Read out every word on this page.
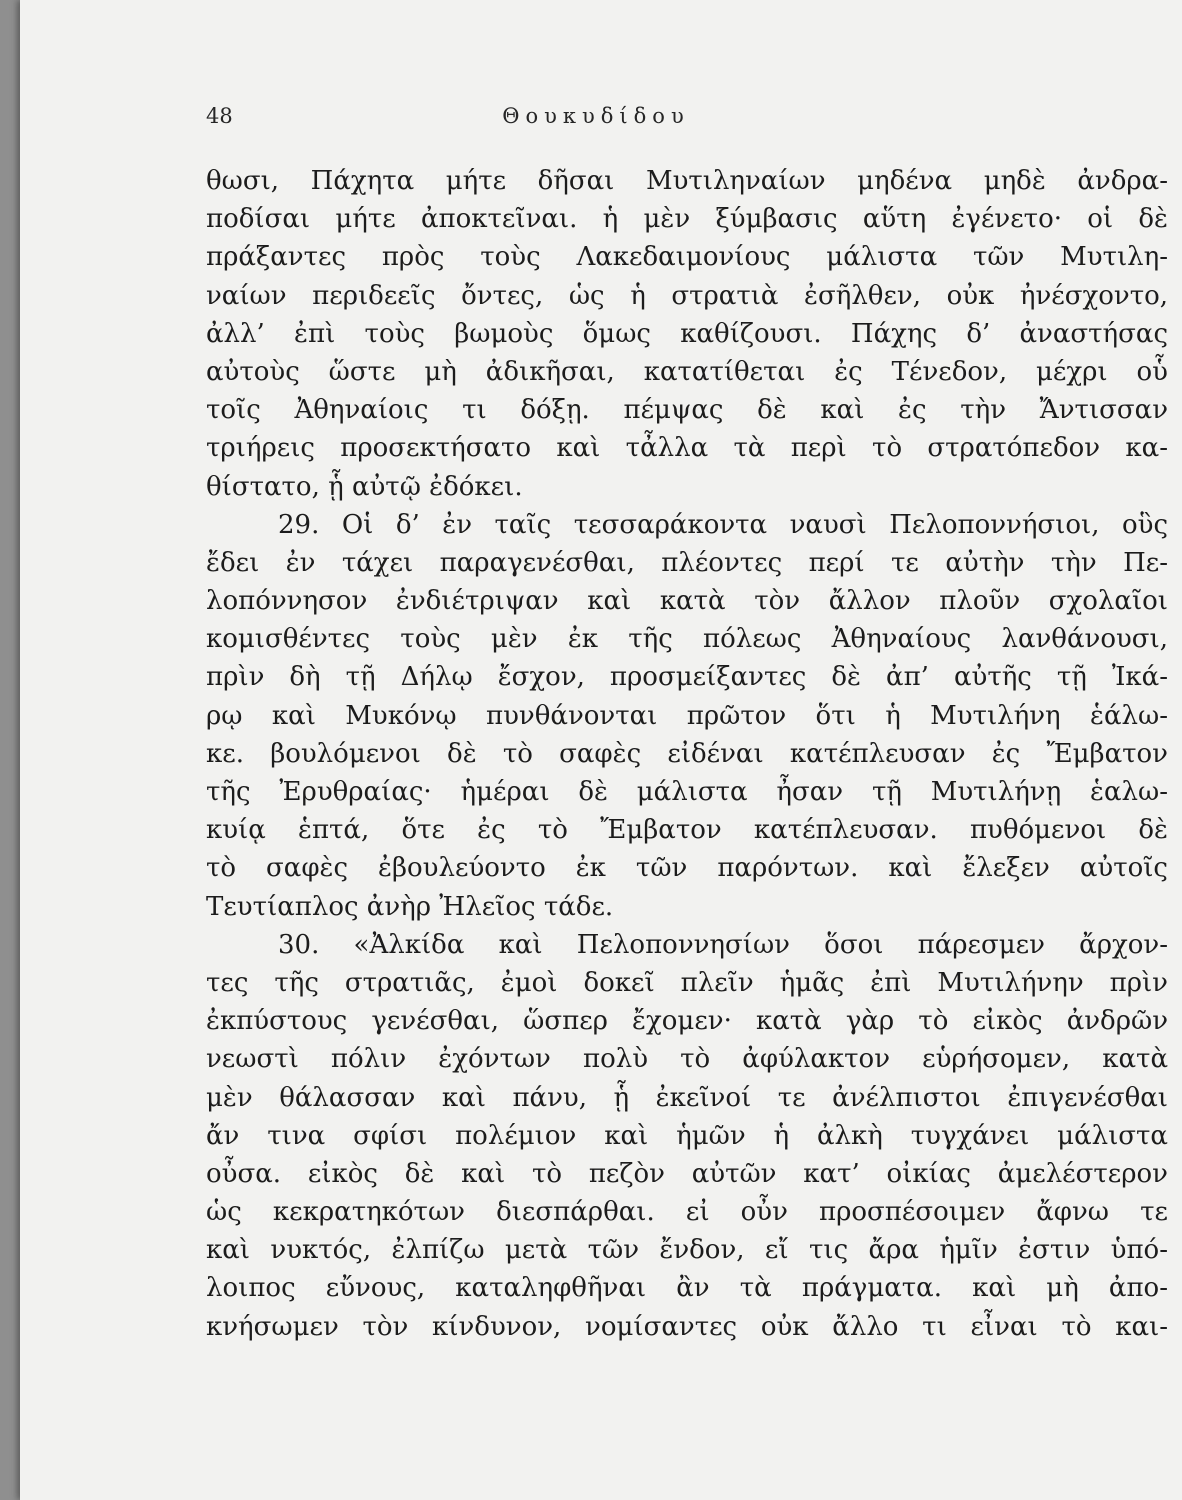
48	Θουκυδίδου
θωσι, Πάχητα μήτε δῆσαι Μυτιληναίων μηδένα μηδὲ ἀνδρα-
ποδίσαι μήτε ἀποκτεῖναι. ἡ μὲν ξύμβασις αὕτη ἐγένετο· οἱ δὲ
πράξαντες πρὸς τοὺς Λακεδαιμονίους μάλιστα τῶν Μυτιλη-
ναίων περιδεεῖς ὄντες, ὡς ἡ στρατιὰ ἐσῆλθεν, οὐκ ἠνέσχοντο,
ἀλλ’ ἐπὶ τοὺς βωμοὺς ὅμως καθίζουσι. Πάχης δ’ ἀναστήσας
αὐτοὺς ὥστε μὴ ἀδικῆσαι, κατατίθεται ἐς Τένεδον, μέχρι οὗ
τοῖς Ἀθηναίοις τι δόξῃ. πέμψας δὲ καὶ ἐς τὴν Ἄντισσαν
τριήρεις προσεκτήσατο καὶ τἆλλα τὰ περὶ τὸ στρατόπεδον κα-
θίστατο, ᾗ αὐτῷ ἐδόκει.
29. Οἱ δ’ ἐν ταῖς τεσσαράκοντα ναυσὶ Πελοποννήσιοι, οὓς
ἔδει ἐν τάχει παραγενέσθαι, πλέοντες περί τε αὐτὴν τὴν Πε-
λοπόννησον ἐνδιέτριψαν καὶ κατὰ τὸν ἄλλον πλοῦν σχολαῖοι
κομισθέντες τοὺς μὲν ἐκ τῆς πόλεως Ἀθηναίους λανθάνουσι,
πρὶν δὴ τῇ Δήλῳ ἔσχον, προσμείξαντες δὲ ἀπ’ αὐτῆς τῇ Ἰκά-
ρῳ καὶ Μυκόνῳ πυνθάνονται πρῶτον ὅτι ἡ Μυτιλήνη ἑάλω-
κε. βουλόμενοι δὲ τὸ σαφὲς εἰδέναι κατέπλευσαν ἐς Ἔμβατον
τῆς Ἐρυθραίας· ἡμέραι δὲ μάλιστα ἦσαν τῇ Μυτιλήνῃ ἑαλω-
κυίᾳ ἑπτά, ὅτε ἐς τὸ Ἔμβατον κατέπλευσαν. πυθόμενοι δὲ
τὸ σαφὲς ἐβουλεύοντο ἐκ τῶν παρόντων. καὶ ἔλεξεν αὐτοῖς
Τευτίαπλος ἀνὴρ Ἠλεῖος τάδε.
30. «Ἀλκίδα καὶ Πελοποννησίων ὅσοι πάρεσμεν ἄρχον-
τες τῆς στρατιᾶς, ἐμοὶ δοκεῖ πλεῖν ἡμᾶς ἐπὶ Μυτιλήνην πρὶν
ἐκπύστους γενέσθαι, ὥσπερ ἔχομεν· κατὰ γὰρ τὸ εἰκὸς ἀνδρῶν
νεωστὶ πόλιν ἐχόντων πολὺ τὸ ἀφύλακτον εὑρήσομεν, κατὰ
μὲν θάλασσαν καὶ πάνυ, ᾗ ἐκεῖνοί τε ἀνέλπιστοι ἐπιγενέσθαι
ἄν τινα σφίσι πολέμιον καὶ ἡμῶν ἡ ἀλκὴ τυγχάνει μάλιστα
οὖσα. εἰκὸς δὲ καὶ τὸ πεζὸν αὐτῶν κατ’ οἰκίας ἀμελέστερον
ὡς κεκρατηκότων διεσπάρθαι. εἰ οὖν προσπέσοιμεν ἄφνω τε
καὶ νυκτός, ἐλπίζω μετὰ τῶν ἔνδον, εἴ τις ἄρα ἡμῖν ἐστιν ὑπό-
λοιπος εὔνους, καταληφθῆναι ἂν τὰ πράγματα. καὶ μὴ ἀπο-
κνήσωμεν τὸν κίνδυνον, νομίσαντες οὐκ ἄλλο τι εἶναι τὸ και-
